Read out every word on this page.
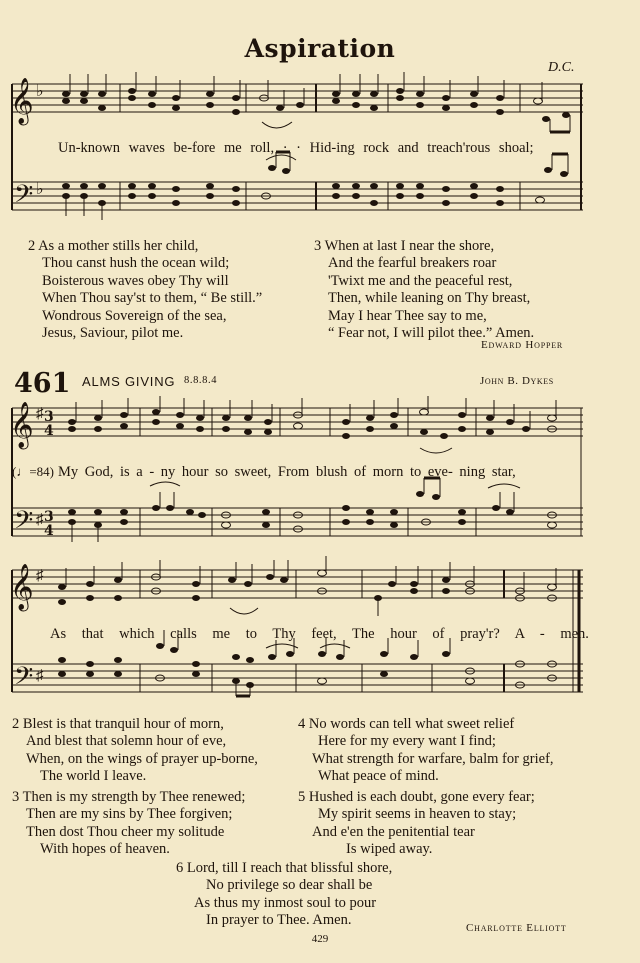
Aspiration
D.C.
𝄞
𝄢
♭
♭
Un-known waves be-fore me roll, · · Hid-ing rock and treach'rous shoal;
2 As a mother stills her child,
Thou canst hush the ocean wild;
Boisterous waves obey Thy will
When Thou say'st to them, “ Be still.”
Wondrous Sovereign of the sea,
Jesus, Saviour, pilot me.
3 When at last I near the shore,
And the fearful breakers roar
'Twixt me and the peaceful rest,
Then, while leaning on Thy breast,
May I hear Thee say to me,
“ Fear not, I will pilot thee.” Amen.
Edward Hopper
461 ALMS GIVING 8.8.8.4	John B. Dykes
𝄞
𝄢
♯
♯
3
4
3
4
(♩=84) My God, is a - ny hour so sweet, From blush of morn to eve- ning star,
𝄞
𝄢
♯
♯
As that which calls me to Thy feet, The hour of pray'r? A - men.
2 Blest is that tranquil hour of morn,
And blest that solemn hour of eve,
When, on the wings of prayer up-borne,
The world I leave.
3 Then is my strength by Thee renewed;
Then are my sins by Thee forgiven;
Then dost Thou cheer my solitude
With hopes of heaven.
4 No words can tell what sweet relief
Here for my every want I find;
What strength for warfare, balm for grief,
What peace of mind.
5 Hushed is each doubt, gone every fear;
My spirit seems in heaven to stay;
And e'en the penitential tear
Is wiped away.
6 Lord, till I reach that blissful shore,
No privilege so dear shall be
As thus my inmost soul to pour
In prayer to Thee. Amen.	Charlotte Elliott
429
